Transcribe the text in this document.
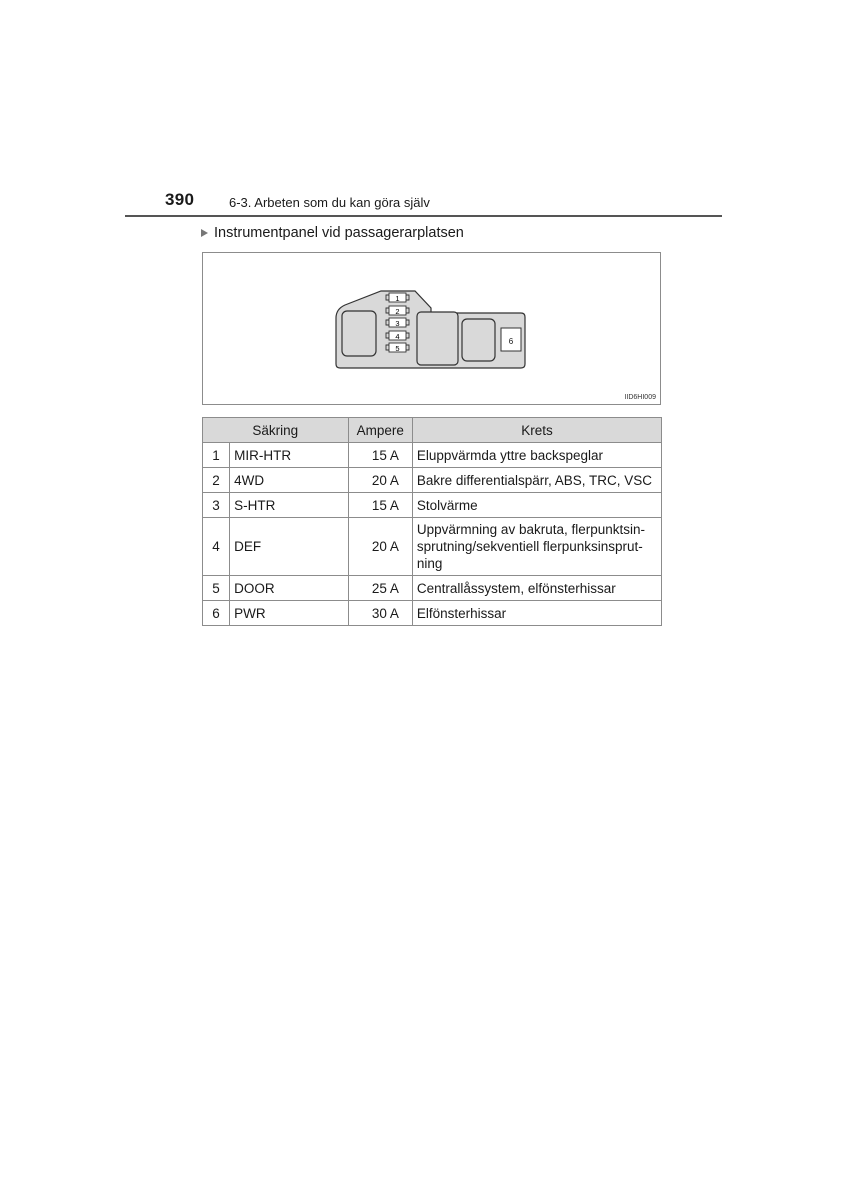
390	6-3. Arbeten som du kan göra själv
Instrumentpanel vid passagerarplatsen
6
1
2
3
4
5
IID6HI009
Säkring		Ampere	Krets
1	MIR-HTR	15 A	Eluppvärmda yttre backspeglar
2	4WD	20 A	Bakre differentialspärr, ABS, TRC, VSC
3	S-HTR	15 A	Stolvärme
4	DEF	20 A	Uppvärmning av bakruta, flerpunktsin-
sprutning/sekventiell flerpunksinsprut-
ning

5	DOOR	25 A	Centrallåssystem, elfönsterhissar
6	PWR	30 A	Elfönsterhissar
